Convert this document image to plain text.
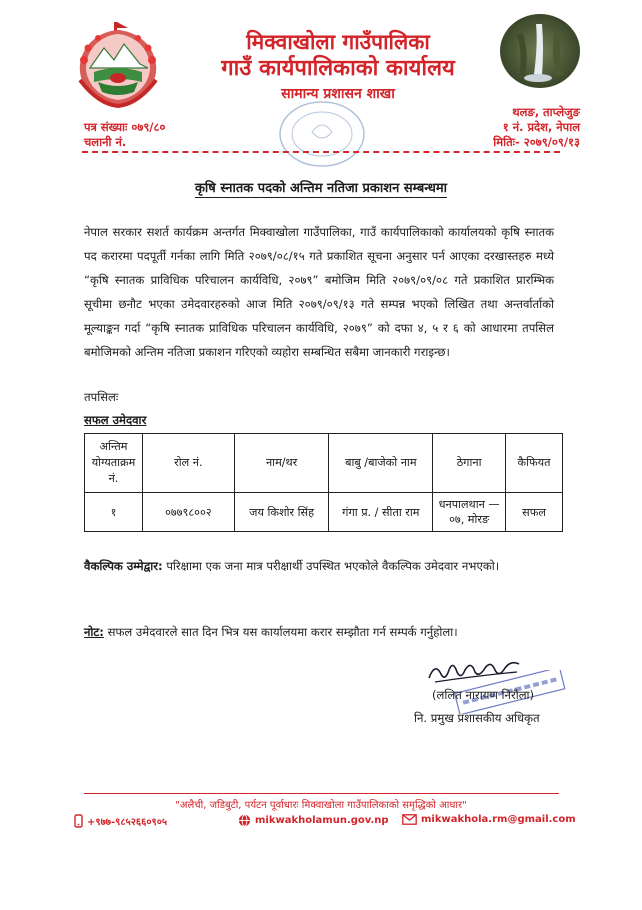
मिक्वाखोला गाउँपालिका
गाउँ कार्यपालिकाको कार्यालय
सामान्य प्रशासन शाखा
पत्र संख्याः ०७९/८०
चलानी नं.
थलङ, ताप्लेजुङ
१ नं. प्रदेश, नेपाल
मितिः- २०७९/०९/१३
कृषि स्नातक पदको अन्तिम नतिजा प्रकाशन सम्बन्धमा

नेपाल सरकार सशर्त कार्यक्रम अन्तर्गत मिक्वाखोला गाउँपालिका, गाउँ कार्यपालिकाको कार्यालयको कृषि स्नातक पद करारमा पदपूर्ती गर्नका लागि मिति २०७९/०८/१५ गते प्रकाशित सूचना अनुसार पर्न आएका दरखास्तहरु मध्ये “कृषि स्नातक प्राविधिक परिचालन कार्यविधि, २०७९” बमोजिम मिति २०७९/०९/०८ गते प्रकाशित प्रारम्भिक सूचीमा छनौट भएका उमेदवारहरुको आज मिति २०७९/०९/१३ गते सम्पन्न भएको लिखित तथा अन्तर्वार्ताको मूल्याङ्कन गर्दा “कृषि स्नातक प्राविधिक परिचालन कार्यविधि, २०७९” को दफा ४, ५ र ६ को आधारमा तपसिल बमोजिमको अन्तिम नतिजा प्रकाशन गरिएको व्यहोरा सम्बन्धित सबैमा जानकारी गराइन्छ।

तपसिलः
सफल उमेदवार
अन्तिम योग्यताक्रम नं.	रोल नं.	नाम/थर	बाबु /बाजेको नाम	ठेगाना	कैफियत
१	०७७९८००२	जय किशोर सिंह	गंगा प्र. / सीता राम	धनपालथान — ०७, मोरङ	सफल

वैकल्पिक उम्मेद्वार: परिक्षामा एक जना मात्र परीक्षार्थी उपस्थित भएकोले वैकल्पिक उमेदवार नभएको।

नोट: सफल उमेदवारले सात दिन भित्र यस कार्यालयमा करार सम्झौता गर्न सम्पर्क गर्नुहोला।

(ललित नारायण निरौला)
नि. प्रमुख प्रशासकीय अधिकृत
"अलैची, जडिबुटी, पर्यटन पूर्वाधारः मिक्वाखोला गाउँपालिकाको समृद्धिको आधार"
+९७७-९८५२६६०९०५	mikwakholamun.gov.np	mikwakhola.rm@gmail.com
